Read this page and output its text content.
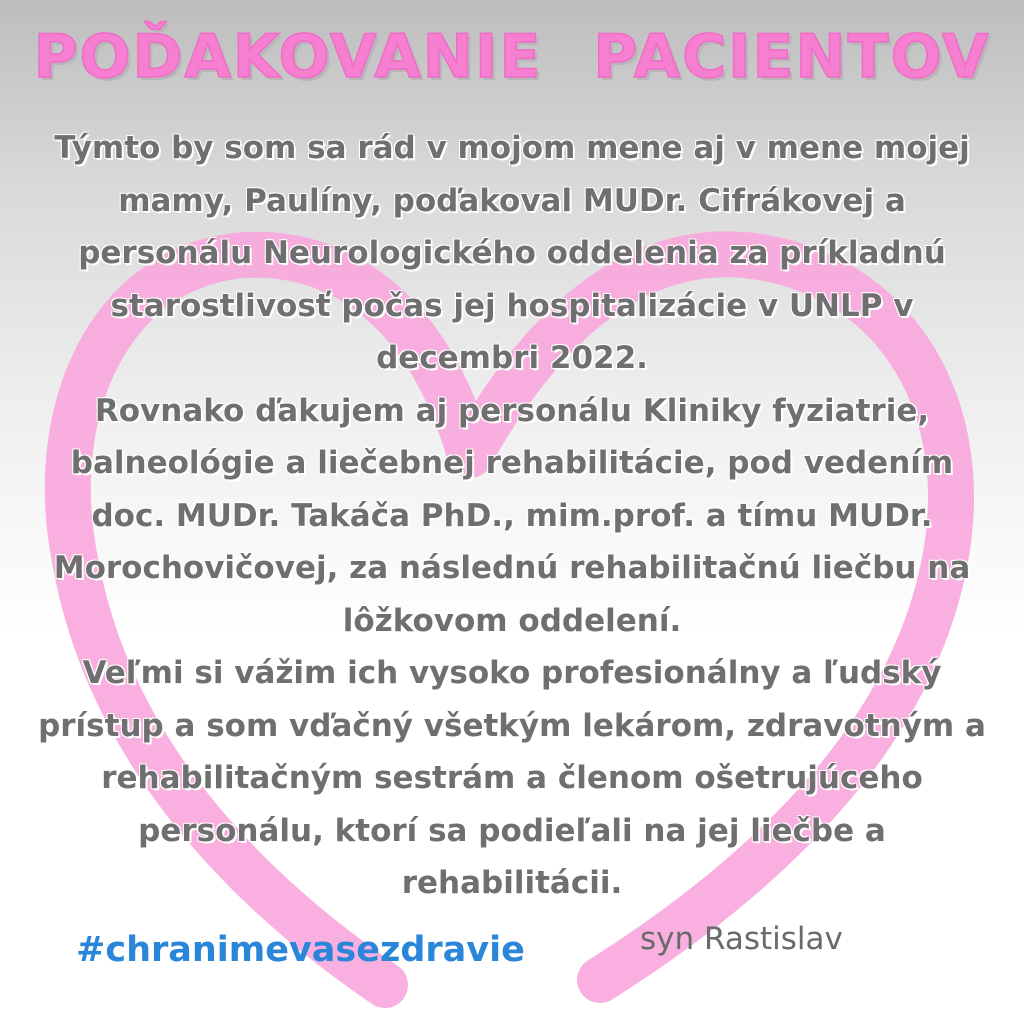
POĎAKOVANIE PACIENTOV
Týmto by som sa rád v mojom mene aj v mene mojej
mamy, Paulíny, poďakoval MUDr. Cifrákovej a
personálu Neurologického oddelenia za príkladnú
starostlivosť počas jej hospitalizácie v UNLP v
decembri 2022.
Rovnako ďakujem aj personálu Kliniky fyziatrie,
balneológie a liečebnej rehabilitácie, pod vedením
doc. MUDr. Takáča PhD., mim.prof. a tímu MUDr.
Morochovičovej, za následnú rehabilitačnú liečbu na
lôžkovom oddelení.
Veľmi si vážim ich vysoko profesionálny a ľudský
prístup a som vďačný všetkým lekárom, zdravotným a
rehabilitačným sestrám a členom ošetrujúceho
personálu, ktorí sa podieľali na jej liečbe a
rehabilitácii.
#chranimevasezdravie	syn Rastislav
